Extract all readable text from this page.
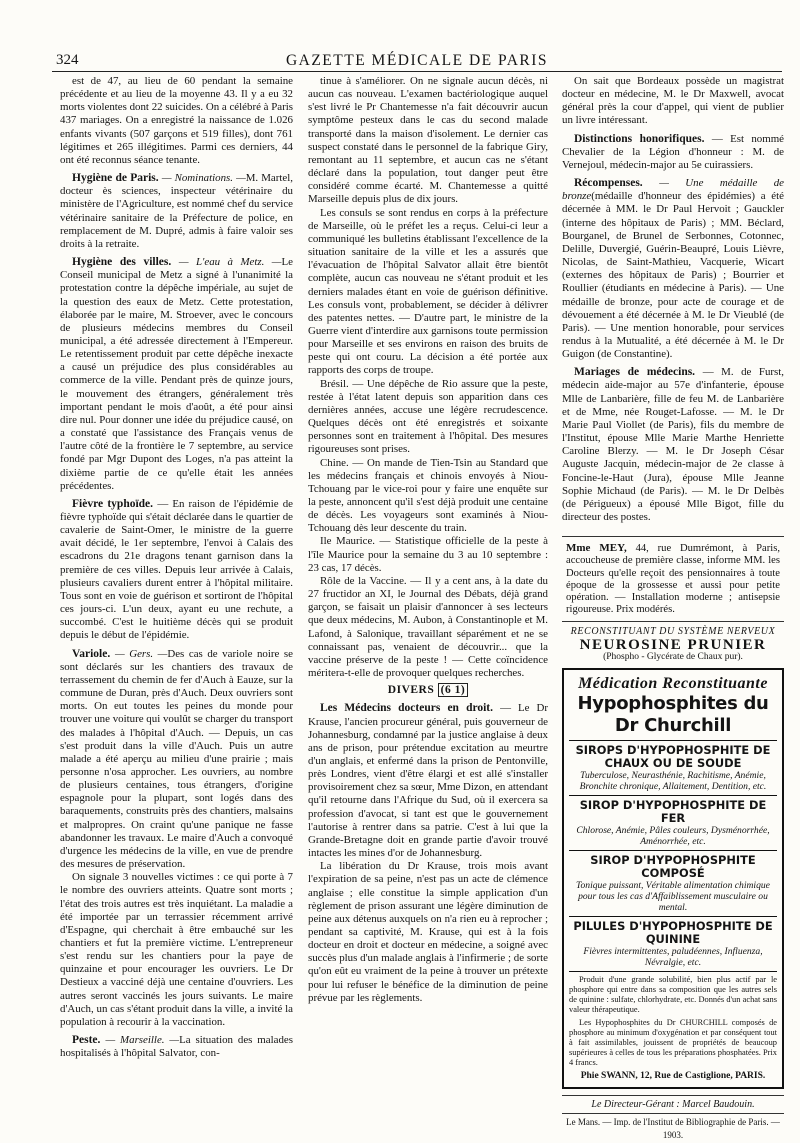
324	GAZETTE MÉDICALE DE PARIS

est de 47, au lieu de 60 pendant la semaine précédente et au lieu de la moyenne 43. Il y a eu 32 morts violentes dont 22 suicides. On a célébré à Paris 437 mariages. On a enregistré la naissance de 1.026 enfants vivants (507 garçons et 519 filles), dont 761 légitimes et 265 illégitimes. Parmi ces derniers, 44 ont été reconnus séance tenante.

Hygiène de Paris. — Nominations. —

M. Martel, docteur ès sciences, inspecteur vétérinaire du ministère de l'Agriculture, est nommé chef du service vétérinaire sanitaire de la Préfecture de police, en remplacement de M. Dupré, admis à faire valoir ses droits à la retraite.

Hygiène des villes. — L'eau à Metz. —

Le Conseil municipal de Metz a signé à l'unanimité la protestation contre la dépêche impériale, au sujet de la question des eaux de Metz. Cette protestation, élaborée par le maire, M. Stroever, avec le concours de plusieurs médecins membres du Conseil municipal, a été adressée directement à l'Empereur. Le retentissement produit par cette dépêche inexacte a causé un préjudice des plus considérables au commerce de la ville. Pendant près de quinze jours, le mouvement des étrangers, généralement très important pendant le mois d'août, a été pour ainsi dire nul. Pour donner une idée du préjudice causé, on a constaté que l'assistance des Français venus de l'autre côté de la frontière le 7 septembre, au service fondé par Mgr Dupont des Loges, n'a pas atteint la dixième partie de ce qu'elle était les années précédentes.

Fièvre typhoïde.

— En raison de l'épidémie de fièvre typhoïde qui s'était déclarée dans le quartier de cavalerie de Saint-Omer, le ministre de la guerre avait décidé, le 1er septembre, l'envoi à Calais des escadrons du 21e dragons tenant garnison dans la première de ces villes. Depuis leur arrivée à Calais, plusieurs cavaliers durent entrer à l'hôpital militaire. Tous sont en voie de guérison et sortiront de l'hôpital ces jours-ci. L'un deux, ayant eu une rechute, a succombé. C'est le huitième décès qui se produit depuis le début de l'épidémie.

Variole. — Gers. —

Des cas de variole noire se sont déclarés sur les chantiers des travaux de terrassement du chemin de fer d'Auch à Eauze, sur la commune de Duran, près d'Auch. Deux ouvriers sont morts. On eut toutes les peines du monde pour trouver une voiture qui voulût se charger du transport des malades à l'hôpital d'Auch. — Depuis, un cas s'est produit dans la ville d'Auch. Puis un autre malade a été aperçu au milieu d'une prairie ; mais personne n'osa approcher. Les ouvriers, au nombre de plusieurs centaines, tous étrangers, d'origine espagnole pour la plupart, sont logés dans des baraquements, construits près des chantiers, malsains et malpropres. On craint qu'une panique ne fasse abandonner les travaux. Le maire d'Auch a convoqué d'urgence les médecins de la ville, en vue de prendre des mesures de préservation.

On signale 3 nouvelles victimes : ce qui porte à 7 le nombre des ouvriers atteints. Quatre sont morts ; l'état des trois autres est très inquiétant. La maladie a été importée par un terrassier récemment arrivé d'Espagne, qui cherchait à être embauché sur les chantiers et fut la première victime. L'entrepreneur s'est rendu sur les chantiers pour la paye de quinzaine et pour encourager les ouvriers. Le Dr Destieux a vacciné déjà une centaine d'ouvriers. Les autres seront vaccinés les jours suivants. Le maire d'Auch, un cas s'étant produit dans la ville, a invité la population à recourir à la vaccination.

Peste. — Marseille. —

La situation des malades hospitalisés à l'hôpital Salvator, con-

tinue à s'améliorer. On ne signale aucun décès, ni aucun cas nouveau. L'examen bactériologique auquel s'est livré le Pr Chantemesse n'a fait découvrir aucun symptôme pesteux dans le cas du second malade transporté dans la maison d'isolement. Le dernier cas suspect constaté dans le personnel de la fabrique Giry, remontant au 11 septembre, et aucun cas ne s'étant déclaré dans la population, tout danger peut être considéré comme écarté. M. Chantemesse a quitté Marseille depuis plus de dix jours.

Les consuls se sont rendus en corps à la préfecture de Marseille, où le préfet les a reçus. Celui-ci leur a communiqué les bulletins établissant l'excellence de la situation sanitaire de la ville et les a assurés que l'évacuation de l'hôpital Salvator allait être bientôt complète, aucun cas nouveau ne s'étant produit et les derniers malades étant en voie de guérison définitive. Les consuls vont, probablement, se décider à délivrer des patentes nettes. — D'autre part, le ministre de la Guerre vient d'interdire aux garnisons toute permission pour Marseille et ses environs en raison des bruits de peste qui ont couru. La décision a été portée aux rapports des corps de troupe.

Brésil. — Une dépêche de Rio assure que la peste, restée à l'état latent depuis son apparition dans ces dernières années, accuse une légère recrudescence. Quelques décès ont été enregistrés et soixante personnes sont en traitement à l'hôpital. Des mesures rigoureuses sont prises.

Chine. — On mande de Tien-Tsin au Standard que les médecins français et chinois envoyés à Niou-Tchouang par le vice-roi pour y faire une enquête sur la peste, annoncent qu'il s'est déjà produit une centaine de décès. Les voyageurs sont examinés à Niou-Tchouang dès leur descente du train.

Ile Maurice. — Statistique officielle de la peste à l'île Maurice pour la semaine du 3 au 10 septembre : 23 cas, 17 décès.

Rôle de la Vaccine. — Il y a cent ans, à la date du 27 fructidor an XI, le Journal des Débats, déjà grand garçon, se faisait un plaisir d'annoncer à ses lecteurs que deux médecins, M. Aubon, à Constantinople et M. Lafond, à Salonique, travaillant séparément et ne se connaissant pas, venaient de découvrir... que la vaccine préserve de la peste ! — Cette coïncidence méritera-t-elle de provoquer quelques recherches.

DIVERS (6 1)
Les Médecins docteurs en droit.

— Le Dr Krause, l'ancien procureur général, puis gouverneur de Johannesburg, condamné par la justice anglaise à deux ans de prison, pour prétendue excitation au meurtre d'un anglais, et enfermé dans la prison de Pentonville, près Londres, vient d'être élargi et est allé s'installer provisoirement chez sa sœur, Mme Dizon, en attendant qu'il retourne dans l'Afrique du Sud, où il exercera sa profession d'avocat, si tant est que le gouvernement l'autorise à rentrer dans sa patrie. C'est à lui que la Grande-Bretagne doit en grande partie d'avoir trouvé intactes les mines d'or de Johannesburg.

La libération du Dr Krause, trois mois avant l'expiration de sa peine, n'est pas un acte de clémence anglaise ; elle constitue la simple application d'un règlement de prison assurant une légère diminution de peine aux détenus auxquels on n'a rien eu à reprocher ; pendant sa captivité, M. Krause, qui est à la fois docteur en droit et docteur en médecine, a soigné avec succès plus d'un malade anglais à l'infirmerie ; de sorte qu'on eût eu vraiment de la peine à trouver un prétexte pour lui refuser le bénéfice de la diminution de peine prévue par les règlements.

On sait que Bordeaux possède un magistrat docteur en médecine, M. le Dr Maxwell, avocat général près la cour d'appel, qui vient de publier un livre intéressant.

Distinctions honorifiques.

— Est nommé Chevalier de la Légion d'honneur : M. de Vernejoul, médecin-major au 5e cuirassiers.

Récompenses. — Une médaille de bronze

(médaille d'honneur des épidémies) a été décernée à MM. le Dr Paul Hervoit ; Gauckler (interne des hôpitaux de Paris) ; MM. Béclard, Bourganel, de Brunel de Serbonnes, Cotonnec, Delille, Duvergié, Guérin-Beaupré, Louis Lièvre, Nicolas, de Saint-Mathieu, Vacquerie, Wicart (externes des hôpitaux de Paris) ; Bourrier et Roullier (étudiants en médecine à Paris). — Une médaille de bronze, pour acte de courage et de dévouement a été décernée à M. le Dr Vieublé (de Paris). — Une mention honorable, pour services rendus à la Mutualité, a été décernée à M. le Dr Guigon (de Constantine).

Mariages de médecins.

— M. de Furst, médecin aide-major au 57e d'infanterie, épouse Mlle de Lanbarière, fille de feu M. de Lanbarière et de Mme, née Rouget-Lafosse. — M. le Dr Marie Paul Viollet (de Paris), fils du membre de l'Institut, épouse Mlle Marie Marthe Henriette Caroline Blerzy. — M. le Dr Joseph César Auguste Jacquin, médecin-major de 2e classe à Foncine-le-Haut (Jura), épouse Mlle Jeanne Sophie Michaud (de Paris). — M. le Dr Delbès (de Périgueux) a épousé Mlle Bigot, fille du directeur des postes.

Mme MEY, 44, rue Dumrémont, à Paris, accoucheuse de première classe, informe MM. les Docteurs qu'elle reçoit des pensionnaires à toute époque de la grossesse et aussi pour petite opération. — Installation moderne ; antisepsie rigoureuse. Prix modérés.
RECONSTITUANT DU SYSTÈME NERVEUX
NEUROSINE PRUNIER
(Phospho - Glycérate de Chaux pur).
Médication Reconstituante
Hypophosphites du Dr Churchill
SIROPS D'HYPOPHOSPHITE DE CHAUX OU DE SOUDE
Tuberculose, Neurasthénie, Rachitisme, Anémie, Bronchite chronique, Allaitement, Dentition, etc.
SIROP D'HYPOPHOSPHITE DE FER
Chlorose, Anémie, Pâles couleurs, Dysménorrhée, Aménorrhée, etc.
SIROP D'HYPOPHOSPHITE COMPOSÉ
Tonique puissant, Véritable alimentation chimique pour tous les cas d'Affaiblissement musculaire ou mental.
PILULES D'HYPOPHOSPHITE DE QUININE
Fièvres intermittentes, paludéennes, Influenza, Névralgie, etc.
Produit d'une grande solubilité, bien plus actif par le phosphore qui entre dans sa composition que les autres sels de quinine : sulfate, chlorhydrate, etc. Donnés d'un achat sans valeur thérapeutique.
Les Hypophosphites du Dr CHURCHILL composés de phosphore au minimum d'oxygénation et par conséquent tout à fait assimilables, jouissent de propriétés de beaucoup supérieures à celles de tous les préparations phosphatées. Prix 4 francs.
Phie SWANN, 12, Rue de Castiglione, PARIS.
Le Directeur-Gérant : Marcel Baudouin.
Le Mans. — Imp. de l'Institut de Bibliographie de Paris. — 1903.
